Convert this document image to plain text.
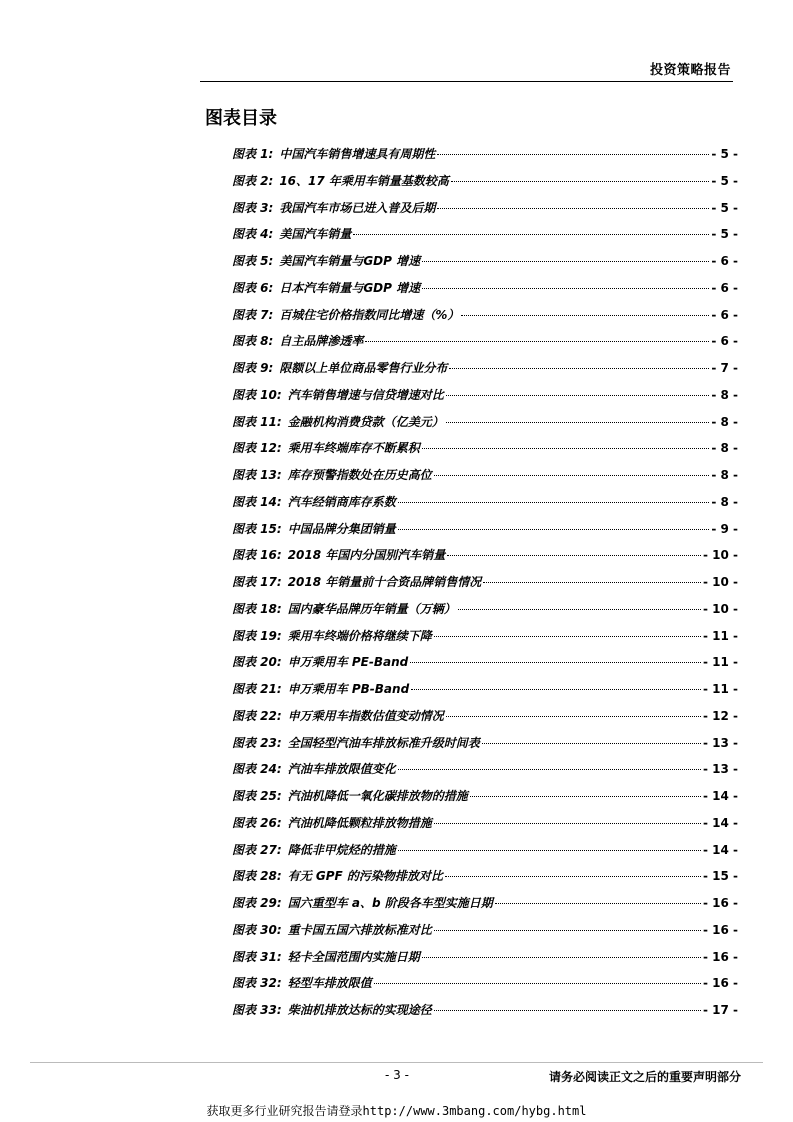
投资策略报告
图表目录
图表 1: 中国汽车销售增速具有周期性	- 5 -
图表 2: 16、17 年乘用车销量基数较高	- 5 -
图表 3: 我国汽车市场已进入普及后期	- 5 -
图表 4: 美国汽车销量	- 5 -
图表 5: 美国汽车销量与GDP 增速	- 6 -
图表 6: 日本汽车销量与GDP 增速	- 6 -
图表 7: 百城住宅价格指数同比增速（%）	- 6 -
图表 8: 自主品牌渗透率	- 6 -
图表 9: 限额以上单位商品零售行业分布	- 7 -
图表 10: 汽车销售增速与信贷增速对比	- 8 -
图表 11: 金融机构消费贷款（亿美元）	- 8 -
图表 12: 乘用车终端库存不断累积	- 8 -
图表 13: 库存预警指数处在历史高位	- 8 -
图表 14: 汽车经销商库存系数	- 8 -
图表 15: 中国品牌分集团销量	- 9 -
图表 16: 2018 年国内分国别汽车销量	- 10 -
图表 17: 2018 年销量前十合资品牌销售情况	- 10 -
图表 18: 国内豪华品牌历年销量（万辆）	- 10 -
图表 19: 乘用车终端价格将继续下降	- 11 -
图表 20: 申万乘用车 PE-Band	- 11 -
图表 21: 申万乘用车 PB-Band	- 11 -
图表 22: 申万乘用车指数估值变动情况	- 12 -
图表 23: 全国轻型汽油车排放标准升级时间表	- 13 -
图表 24: 汽油车排放限值变化	- 13 -
图表 25: 汽油机降低一氧化碳排放物的措施	- 14 -
图表 26: 汽油机降低颗粒排放物措施	- 14 -
图表 27: 降低非甲烷烃的措施	- 14 -
图表 28: 有无 GPF 的污染物排放对比	- 15 -
图表 29: 国六重型车 a、b 阶段各车型实施日期	- 16 -
图表 30: 重卡国五国六排放标准对比	- 16 -
图表 31: 轻卡全国范围内实施日期	- 16 -
图表 32: 轻型车排放限值	- 16 -
图表 33: 柴油机排放达标的实现途径	- 17 -
- 3 -	请务必阅读正文之后的重要声明部分
获取更多行业研究报告请登录http://www.3mbang.com/hybg.html
